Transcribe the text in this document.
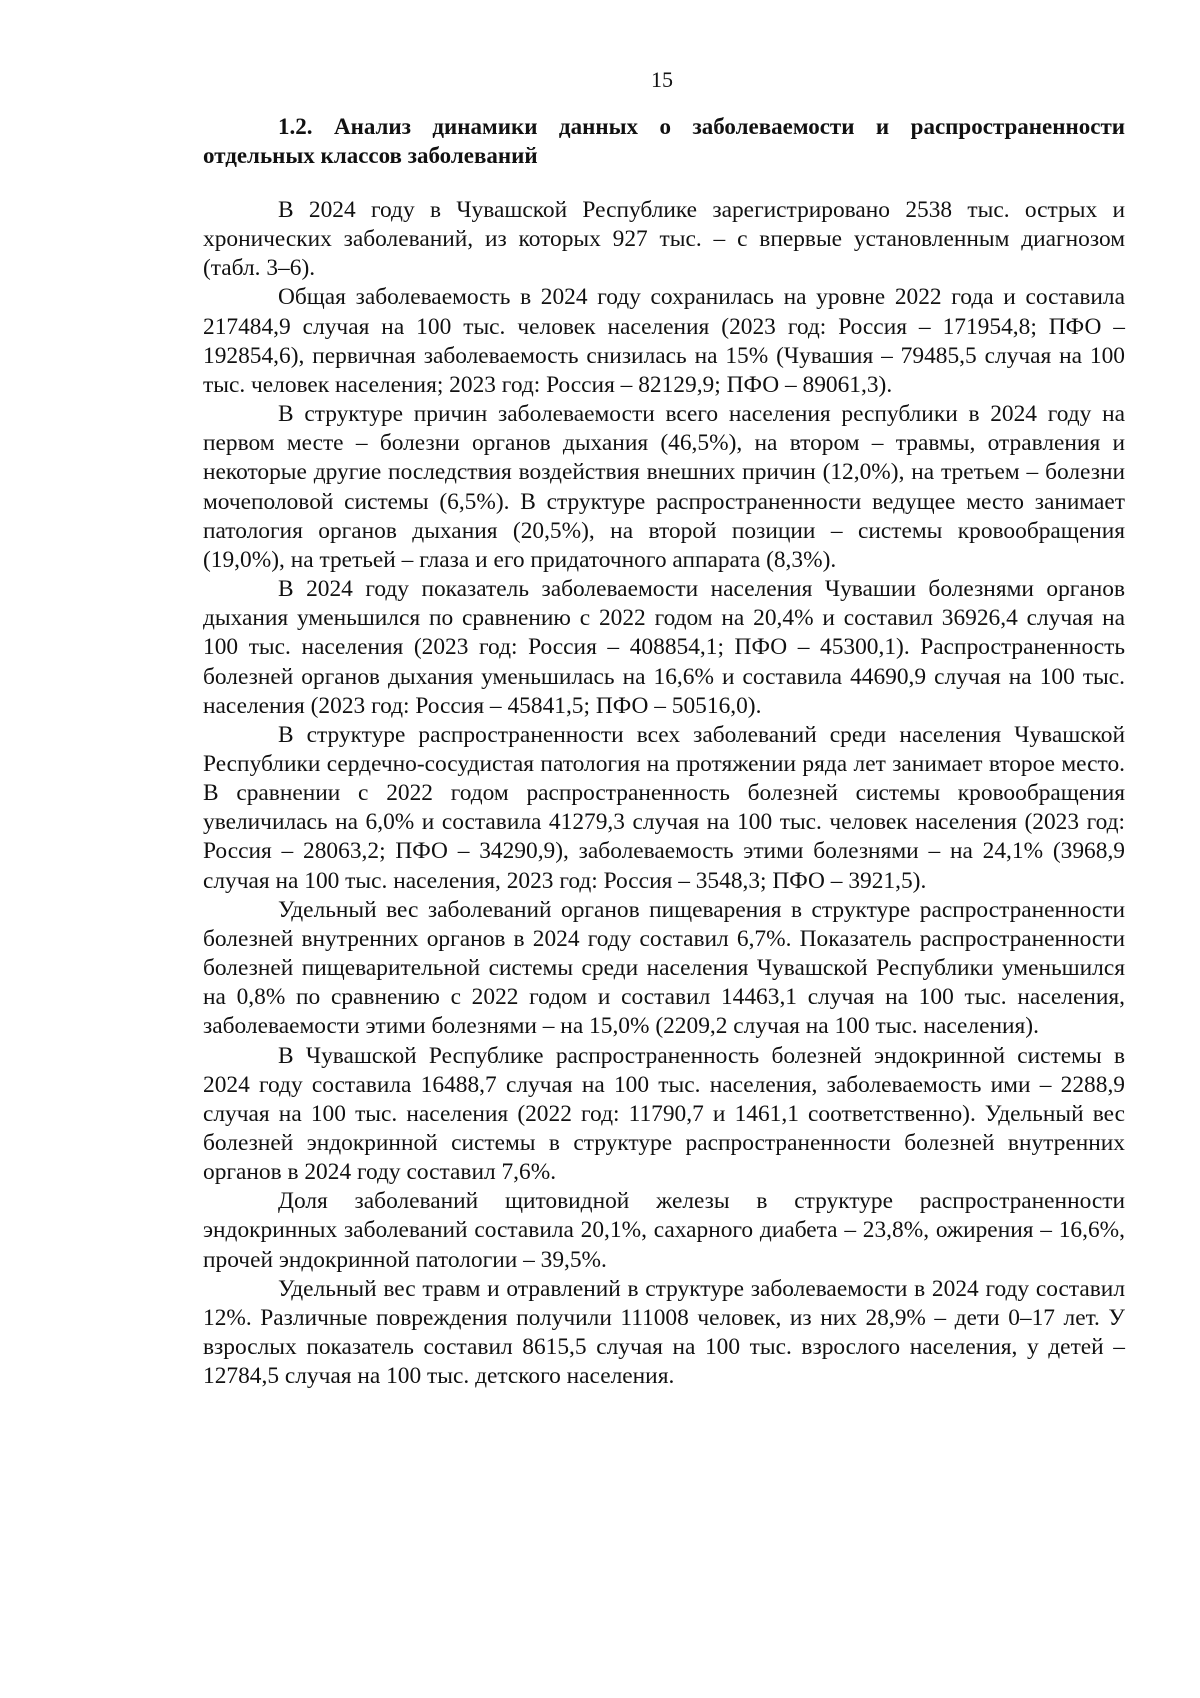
15
1.2. Анализ динамики данных о заболеваемости и распространенности отдельных классов заболеваний

В 2024 году в Чувашской Республике зарегистрировано 2538 тыс. острых и хронических заболеваний, из которых 927 тыс. – с впервые установленным диагнозом (табл. 3–6).

Общая заболеваемость в 2024 году сохранилась на уровне 2022 года и составила 217484,9 случая на 100 тыс. человек населения (2023 год: Россия – 171954,8; ПФО – 192854,6), первичная заболеваемость снизилась на 15% (Чувашия – 79485,5 случая на 100 тыс. человек населения; 2023 год: Россия – 82129,9; ПФО – 89061,3).

В структуре причин заболеваемости всего населения республики в 2024 году на первом месте – болезни органов дыхания (46,5%), на втором – травмы, отравления и некоторые другие последствия воздействия внешних причин (12,0%), на третьем – болезни мочеполовой системы (6,5%). В структуре распространенности ведущее место занимает патология органов дыхания (20,5%), на второй позиции – системы кровообращения (19,0%), на третьей – глаза и его придаточного аппарата (8,3%).

В 2024 году показатель заболеваемости населения Чувашии болезнями органов дыхания уменьшился по сравнению с 2022 годом на 20,4% и составил 36926,4 случая на 100 тыс. населения (2023 год: Россия – 408854,1; ПФО – 45300,1). Распространенность болезней органов дыхания уменьшилась на 16,6% и составила 44690,9 случая на 100 тыс. населения (2023 год: Россия – 45841,5; ПФО – 50516,0).

В структуре распространенности всех заболеваний среди населения Чувашской Республики сердечно-сосудистая патология на протяжении ряда лет занимает второе место. В сравнении с 2022 годом распространенность болезней системы кровообращения увеличилась на 6,0% и составила 41279,3 случая на 100 тыс. человек населения (2023 год: Россия – 28063,2; ПФО – 34290,9), заболеваемость этими болезнями – на 24,1% (3968,9 случая на 100 тыс. населения, 2023 год: Россия – 3548,3; ПФО – 3921,5).

Удельный вес заболеваний органов пищеварения в структуре распространенности болезней внутренних органов в 2024 году составил 6,7%. Показатель распространенности болезней пищеварительной системы среди населения Чувашской Республики уменьшился на 0,8% по сравнению с 2022 годом и составил 14463,1 случая на 100 тыс. населения, заболеваемости этими болезнями – на 15,0% (2209,2 случая на 100 тыс. населения).

В Чувашской Республике распространенность болезней эндокринной системы в 2024 году составила 16488,7 случая на 100 тыс. населения, заболеваемость ими – 2288,9 случая на 100 тыс. населения (2022 год: 11790,7 и 1461,1 соответственно). Удельный вес болезней эндокринной системы в структуре распространенности болезней внутренних органов в 2024 году составил 7,6%.

Доля заболеваний щитовидной железы в структуре распространенности эндокринных заболеваний составила 20,1%, сахарного диабета – 23,8%, ожирения – 16,6%, прочей эндокринной патологии – 39,5%.

Удельный вес травм и отравлений в структуре заболеваемости в 2024 году составил 12%. Различные повреждения получили 111008 человек, из них 28,9% – дети 0–17 лет. У взрослых показатель составил 8615,5 случая на 100 тыс. взрослого населения, у детей – 12784,5 случая на 100 тыс. детского населения.
